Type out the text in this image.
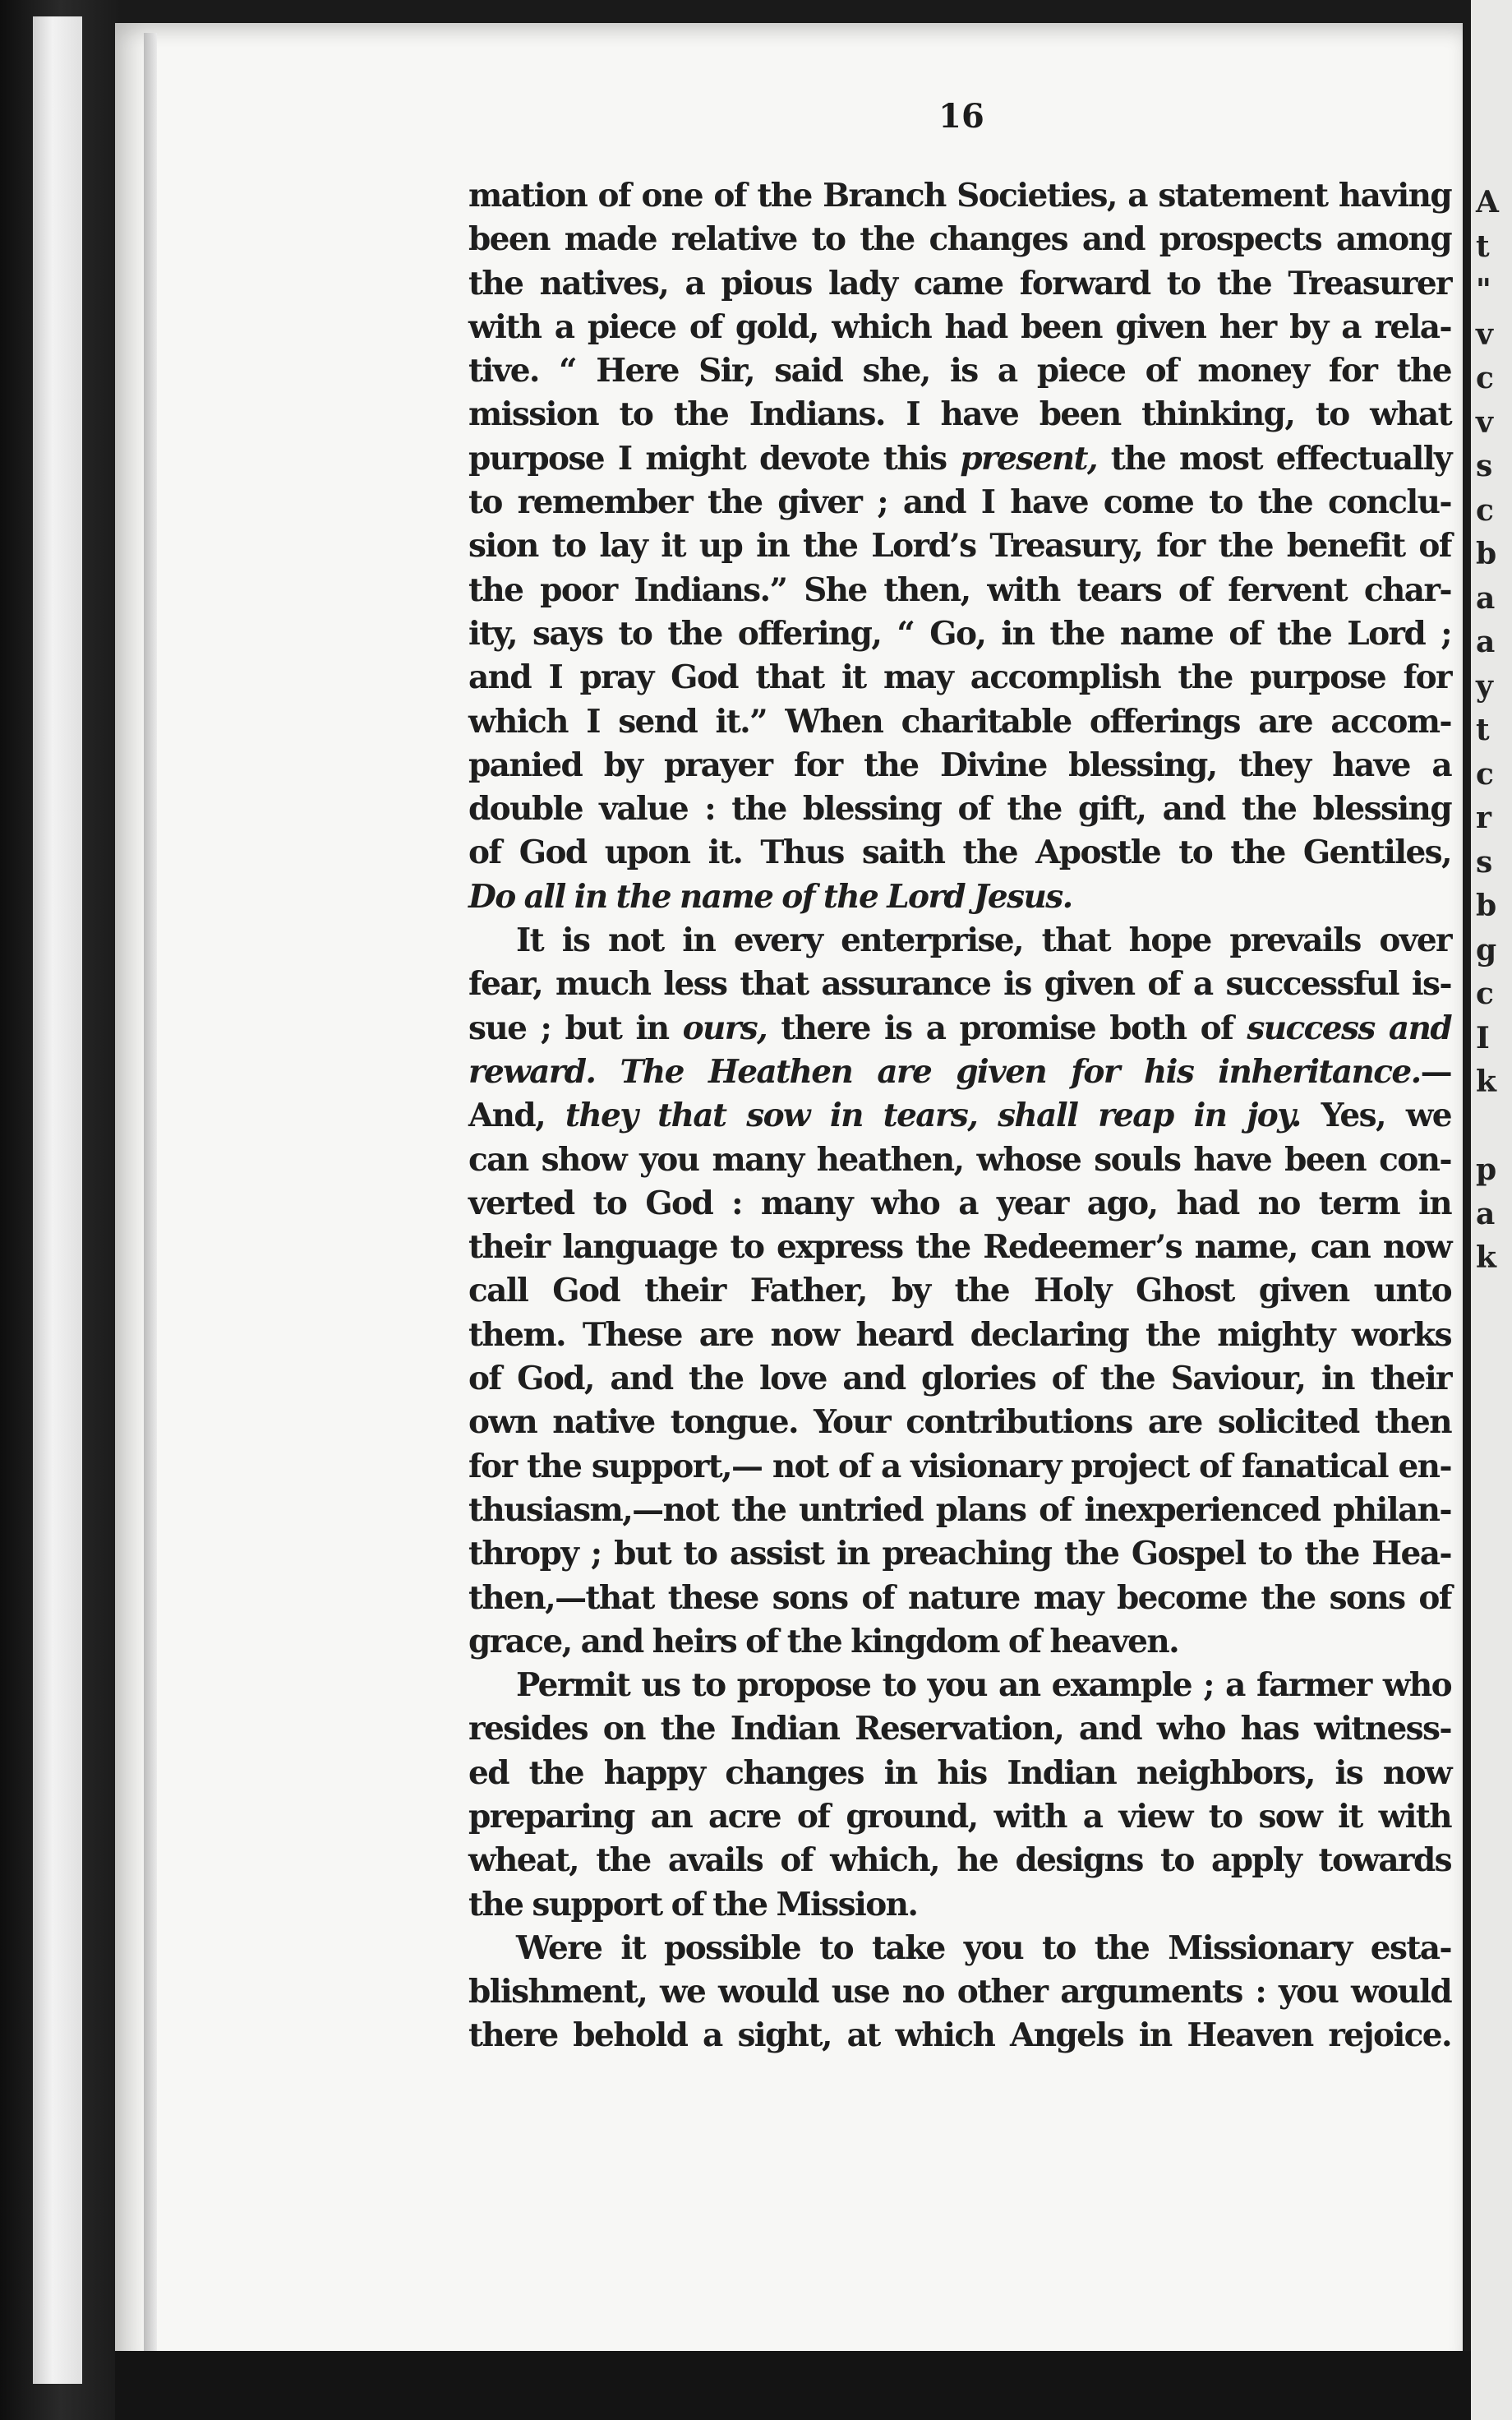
A
t
"
v
c
v
s
c
b
a
a
y
t
c
r
s
b
g
c
I
k

p
a
k
16
mation of one of the Branch Societies, a statement having
been made relative to the changes and prospects among
the natives, a pious lady came forward to the Treasurer
with a piece of gold, which had been given her by a rela-
tive. “ Here Sir, said she, is a piece of money for the
mission to the Indians. I have been thinking, to what
purpose I might devote this present, the most effectually
to remember the giver ; and I have come to the conclu-
sion to lay it up in the Lord’s Treasury, for the benefit of
the poor Indians.” She then, with tears of fervent char-
ity, says to the offering, “ Go, in the name of the Lord ;
and I pray God that it may accomplish the purpose for
which I send it.” When charitable offerings are accom-
panied by prayer for the Divine blessing, they have a
double value : the blessing of the gift, and the blessing
of God upon it. Thus saith the Apostle to the Gentiles,
Do all in the name of the Lord Jesus.
It is not in every enterprise, that hope prevails over
fear, much less that assurance is given of a successful is-
sue ; but in ours, there is a promise both of success and
reward. The Heathen are given for his inheritance.—
And, they that sow in tears, shall reap in joy. Yes, we
can show you many heathen, whose souls have been con-
verted to God : many who a year ago, had no term in
their language to express the Redeemer’s name, can now
call God their Father, by the Holy Ghost given unto
them. These are now heard declaring the mighty works
of God, and the love and glories of the Saviour, in their
own native tongue. Your contributions are solicited then
for the support,— not of a visionary project of fanatical en-
thusiasm,—not the untried plans of inexperienced philan-
thropy ; but to assist in preaching the Gospel to the Hea-
then,—that these sons of nature may become the sons of
grace, and heirs of the kingdom of heaven.
Permit us to propose to you an example ; a farmer who
resides on the Indian Reservation, and who has witness-
ed the happy changes in his Indian neighbors, is now
preparing an acre of ground, with a view to sow it with
wheat, the avails of which, he designs to apply towards
the support of the Mission.
Were it possible to take you to the Missionary esta-
blishment, we would use no other arguments : you would
there behold a sight, at which Angels in Heaven rejoice.
